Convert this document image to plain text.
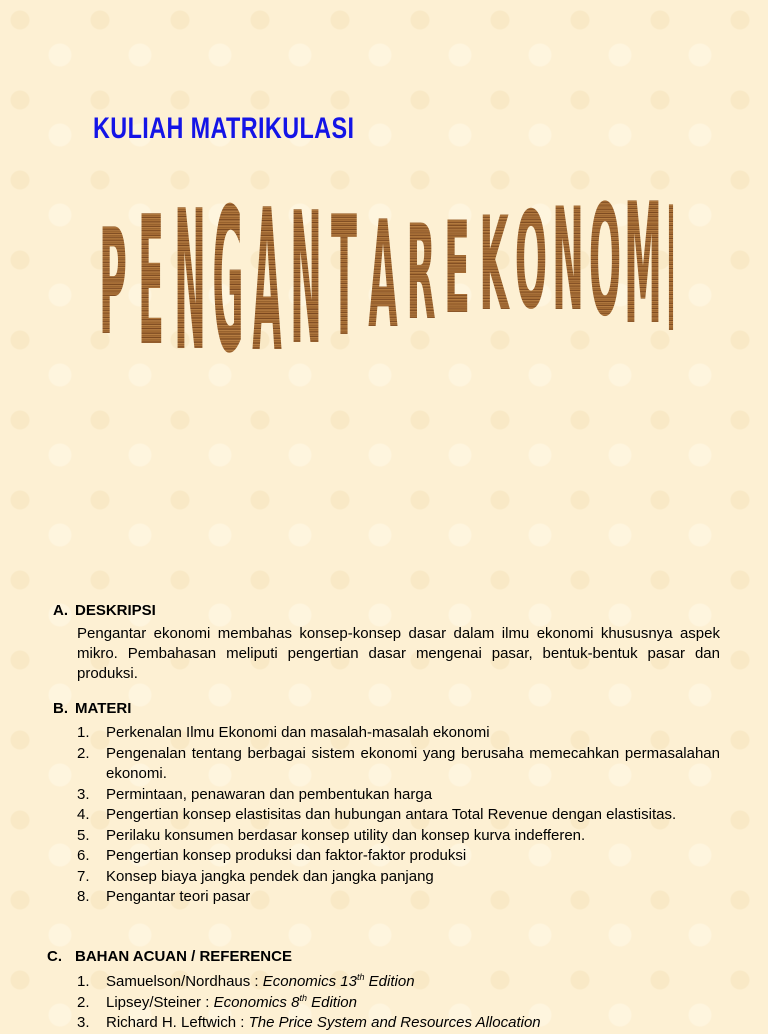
KULIAH MATRIKULASI
P E N G A N T A R E K O N O M I
A. DESKRIPSI

Pengantar ekonomi membahas konsep-konsep dasar dalam ilmu ekonomi khususnya aspek mikro. Pembahasan meliputi pengertian dasar mengenai pasar, bentuk-bentuk pasar dan produksi.

B. MATERI
1. Perkenalan Ilmu Ekonomi dan masalah-masalah ekonomi
2. Pengenalan tentang berbagai sistem ekonomi yang berusaha memecahkan permasalahan ekonomi.
3. Permintaan, penawaran dan pembentukan harga
4. Pengertian konsep elastisitas dan hubungan antara Total Revenue dengan elastisitas.
5. Perilaku konsumen berdasar konsep utility dan konsep kurva indefferen.
6. Pengertian konsep produksi dan faktor-faktor produksi
7. Konsep biaya jangka pendek dan jangka panjang
8. Pengantar teori pasar
C. BAHAN ACUAN / REFERENCE
1. Samuelson/Nordhaus : Economics 13th Edition
2. Lipsey/Steiner : Economics 8th Edition
3. Richard H. Leftwich : The Price System and Resources Allocation
